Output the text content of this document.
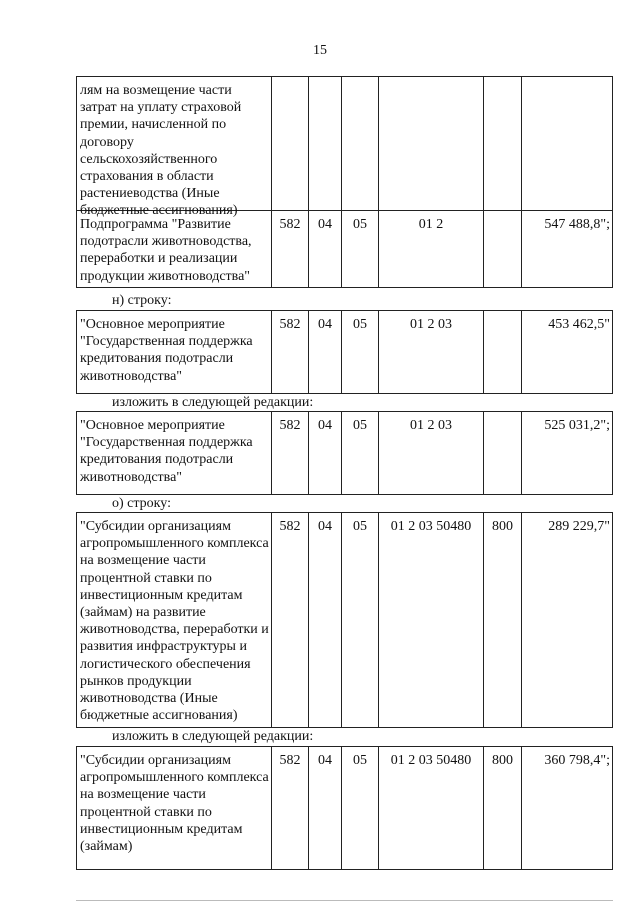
15
лям на возмещение части затрат на уплату страховой премии, начисленной по договору сельскохозяйственного страхования в области растениеводства (Иные бюджетные ассигнования)
Подпрограмма "Развитие подотрасли животноводства, переработки и реализации продукции животноводства"
582	04	05	01 2	547 488,8";
н) строку:
"Основное мероприятие "Государственная поддержка кредитования подотрасли животноводства"
582	04	05	01 2 03	453 462,5"
изложить в следующей редакции:
"Основное мероприятие "Государственная поддержка кредитования подотрасли животноводства"
582	04	05	01 2 03	525 031,2";
о) строку:
"Субсидии организациям агропромышленного комплекса на возмещение части процентной ставки по инвестиционным кредитам (займам) на развитие животноводства, переработки и развития инфраструктуры и логистического обеспечения рынков продукции животноводства (Иные бюджетные ассигнования)
582	04	05	01 2 03 50480	800	289 229,7"
изложить в следующей редакции:
"Субсидии организациям агропромышленного комплекса на возмещение части процентной ставки по инвестиционным кредитам (займам)
582	04	05	01 2 03 50480	800	360 798,4";
